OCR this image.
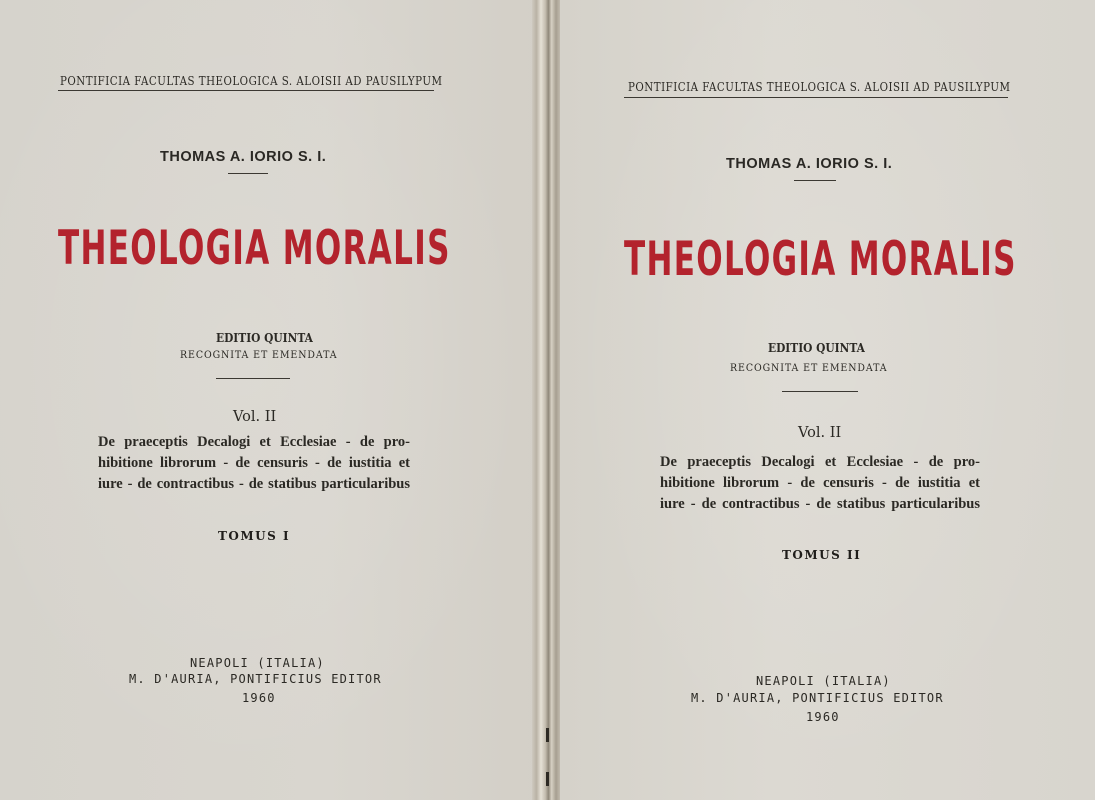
PONTIFICIA FACULTAS THEOLOGICA S. ALOISII AD PAUSILYPUM
THOMAS A. IORIO S. I.
THEOLOGIA MORALIS
EDITIO QUINTA
RECOGNITA ET EMENDATA
Vol. II
De praeceptis Decalogi et Ecclesiae - de pro-
hibitione librorum - de censuris - de iustitia et
iure - de contractibus - de statibus particularibus
TOMUS I
NEAPOLI (ITALIA)
M. D'AURIA, PONTIFICIUS EDITOR
1960
PONTIFICIA FACULTAS THEOLOGICA S. ALOISII AD PAUSILYPUM
THOMAS A. IORIO S. I.
THEOLOGIA MORALIS
EDITIO QUINTA
RECOGNITA ET EMENDATA
Vol. II
De praeceptis Decalogi et Ecclesiae - de pro-
hibitione librorum - de censuris - de iustitia et
iure - de contractibus - de statibus particularibus
TOMUS II
NEAPOLI (ITALIA)
M. D'AURIA, PONTIFICIUS EDITOR
1960
